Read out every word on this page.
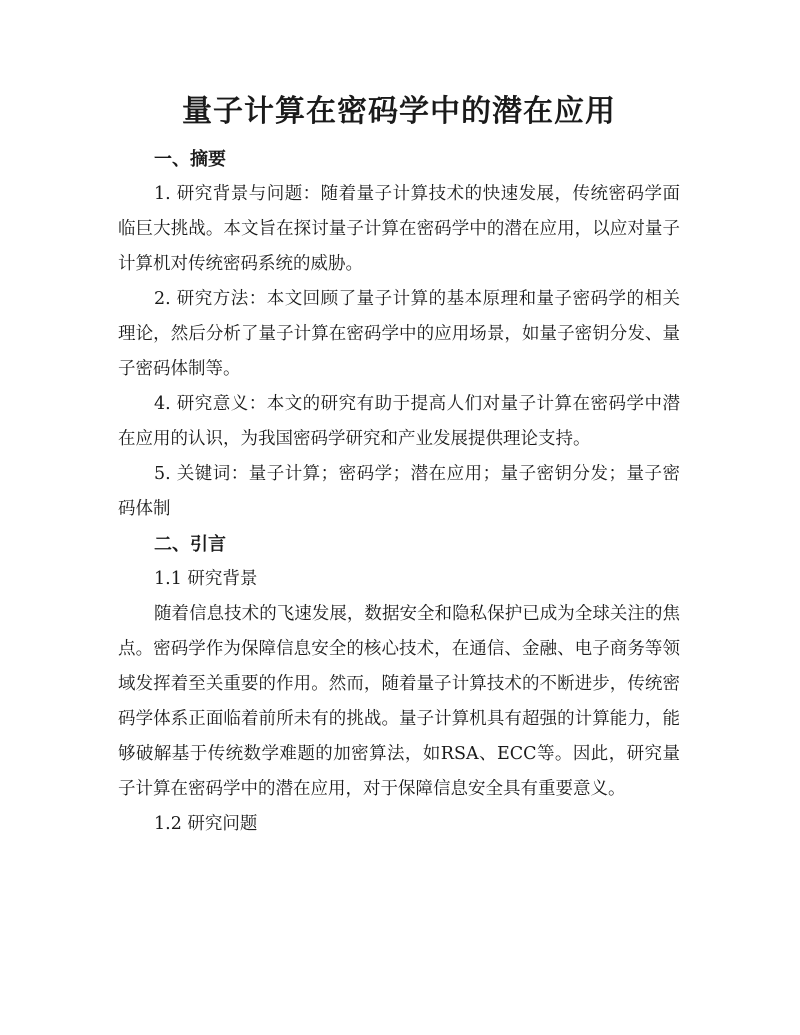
量子计算在密码学中的潜在应用
一、摘要

1. 研究背景与问题：随着量子计算技术的快速发展，传统密码学面临巨大挑战。本文旨在探讨量子计算在密码学中的潜在应用，以应对量子计算机对传统密码系统的威胁。

2. 研究方法：本文回顾了量子计算的基本原理和量子密码学的相关理论，然后分析了量子计算在密码学中的应用场景，如量子密钥分发、量子密码体制等。

4. 研究意义：本文的研究有助于提高人们对量子计算在密码学中潜在应用的认识，为我国密码学研究和产业发展提供理论支持。

5. 关键词：量子计算；密码学；潜在应用；量子密钥分发；量子密码体制

二、引言

1.1 研究背景

随着信息技术的飞速发展，数据安全和隐私保护已成为全球关注的焦点。密码学作为保障信息安全的核心技术，在通信、金融、电子商务等领域发挥着至关重要的作用。然而，随着量子计算技术的不断进步，传统密码学体系正面临着前所未有的挑战。量子计算机具有超强的计算能力，能够破解基于传统数学难题的加密算法，如RSA、ECC等。因此，研究量子计算在密码学中的潜在应用，对于保障信息安全具有重要意义。

1.2 研究问题
